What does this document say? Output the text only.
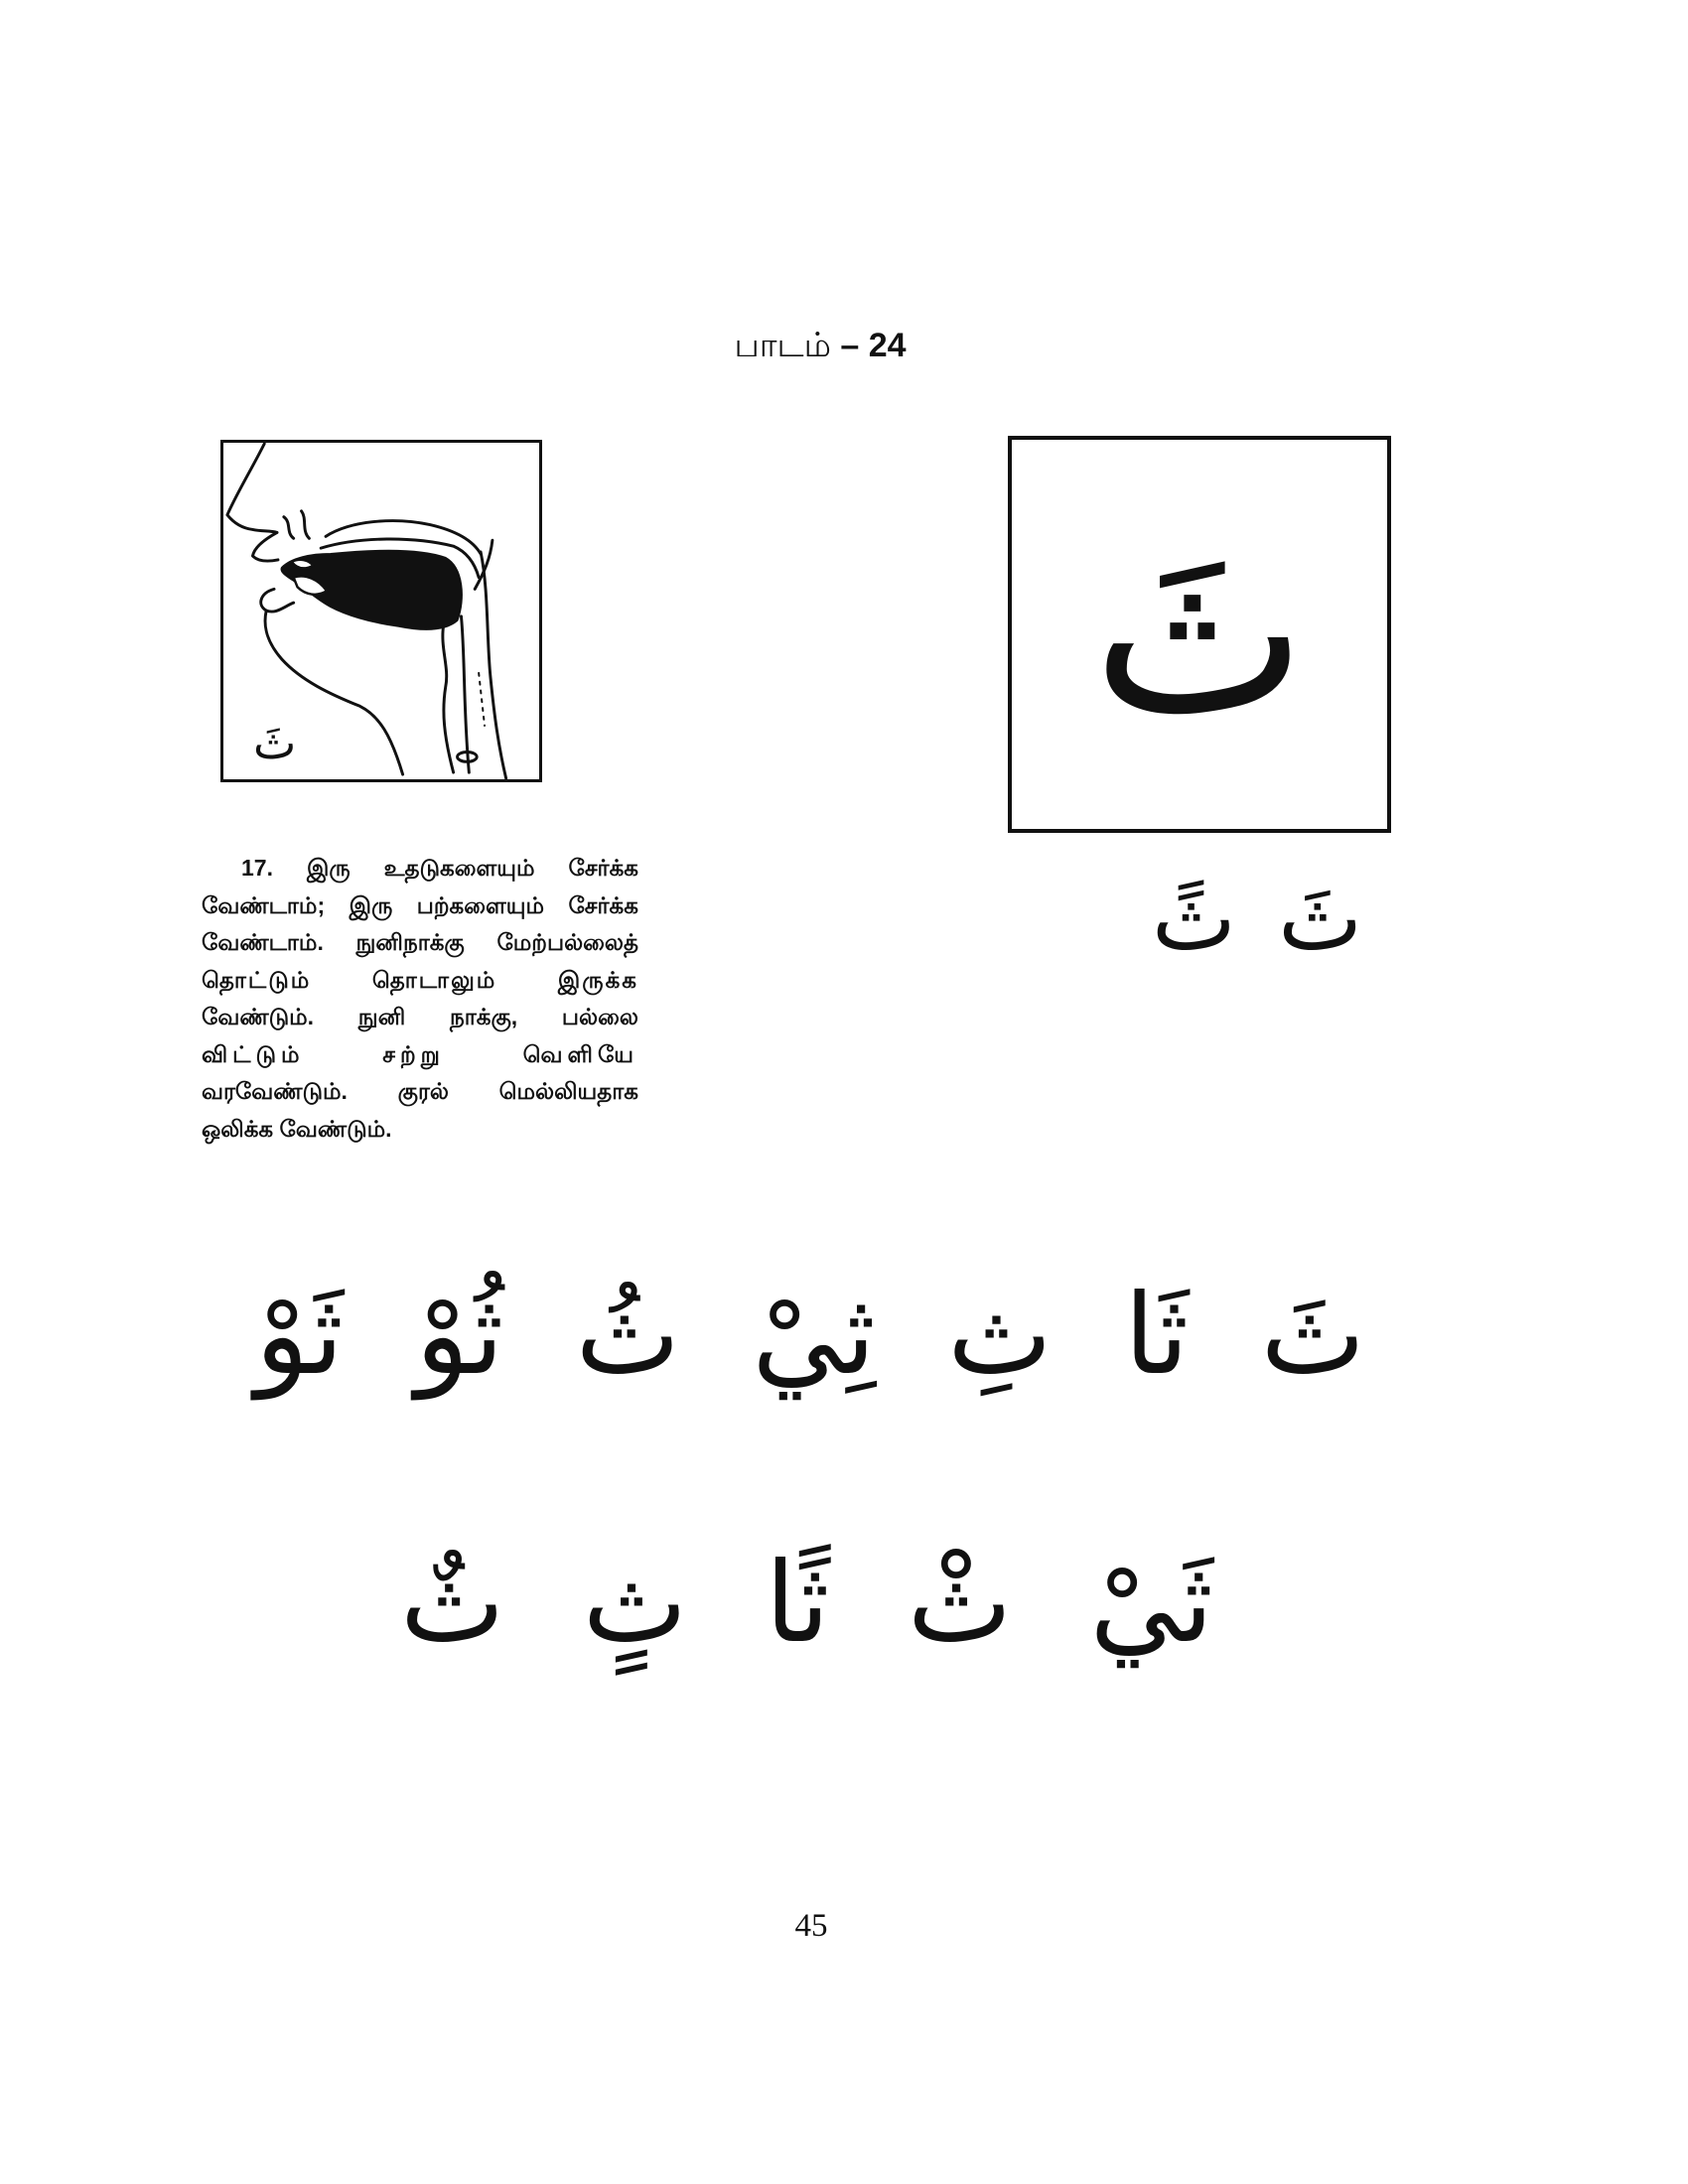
பாடம் – 24
ثَ	ثَ
ثَ
ثً
17. இரு உதடுகளையும் சேர்க்க
வேண்டாம்; இரு பற்களையும் சேர்க்க
வேண்டாம். நுனிநாக்கு மேற்பல்லைத்
தொட்டும் தொடாலும் இருக்க
வேண்டும். நுனி நாக்கு, பல்லை
விட்டும் சற்று வெளியே
வரவேண்டும். குரல் மெல்லியதாக
ஒலிக்க வேண்டும்.
ثَ
ثَا
ثِ
ثِيْ
ثُ
ثُوْ
ثَوْ
ثَيْ
ثْ
ثًا
ثٍ
ثٌ
45
